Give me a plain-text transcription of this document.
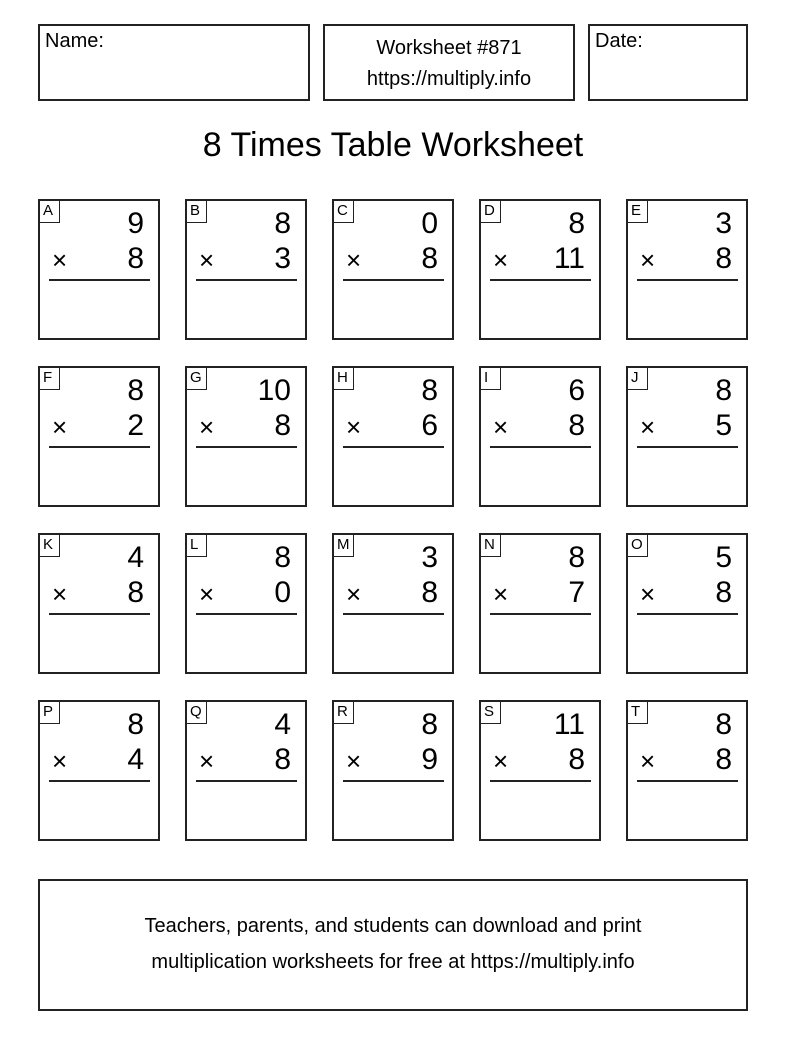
Name:	Worksheet #871
https://multiply.info
Date:
8 Times Table Worksheet
A 9
× 8
B 8
× 3
C 0
× 8
D 8
× 11
E 3
× 8
F	8
× 2
G 10
× 8
H 8
× 6
I	6
× 8
J	8
× 5
K 4
× 8
L	8
× 0
M 3
× 8
N 8
× 7
O 5
× 8
P 8
× 4
Q 4
× 8
R 8
× 9
S 11
× 8
T	8
× 8
Teachers, parents, and students can download and print
multiplication worksheets for free at https://multiply.info
